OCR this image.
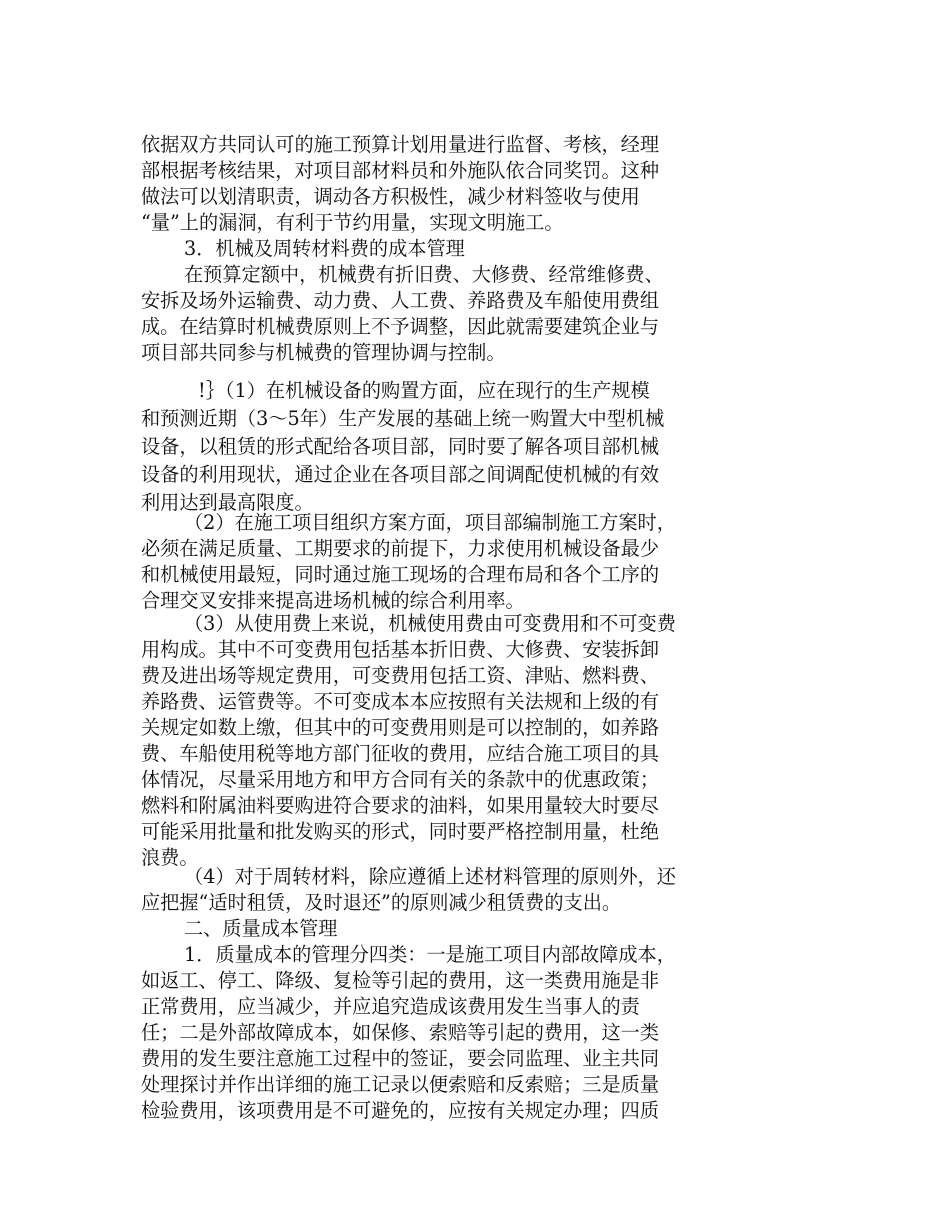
依据双方共同认可的施工预算计划用量进行监督、考核，经理
部根据考核结果，对项目部材料员和外施队依合同奖罚。这种
做法可以划清职责，调动各方积极性，减少材料签收与使用
“量”上的漏洞，有利于节约用量，实现文明施工。
3．机械及周转材料费的成本管理
在预算定额中，机械费有折旧费、大修费、经常维修费、
安拆及场外运输费、动力费、人工费、养路费及车船使用费组
成。在结算时机械费原则上不予调整，因此就需要建筑企业与
项目部共同参与机械费的管理协调与控制。
!｝（1）在机械设备的购置方面，应在现行的生产规模
和预测近期（3～5年）生产发展的基础上统一购置大中型机械
设备，以租赁的形式配给各项目部，同时要了解各项目部机械
设备的利用现状，通过企业在各项目部之间调配使机械的有效
利用达到最高限度。
（2）在施工项目组织方案方面，项目部编制施工方案时，
必须在满足质量、工期要求的前提下，力求使用机械设备最少
和机械使用最短，同时通过施工现场的合理布局和各个工序的
合理交叉安排来提高进场机械的综合利用率。
（3）从使用费上来说，机械使用费由可变费用和不可变费
用构成。其中不可变费用包括基本折旧费、大修费、安装拆卸
费及进出场等规定费用，可变费用包括工资、津贴、燃料费、
养路费、运管费等。不可变成本本应按照有关法规和上级的有
关规定如数上缴，但其中的可变费用则是可以控制的，如养路
费、车船使用税等地方部门征收的费用，应结合施工项目的具
体情况，尽量采用地方和甲方合同有关的条款中的优惠政策；
燃料和附属油料要购进符合要求的油料，如果用量较大时要尽
可能采用批量和批发购买的形式，同时要严格控制用量，杜绝
浪费。
（4）对于周转材料，除应遵循上述材料管理的原则外，还
应把握“适时租赁，及时退还”的原则减少租赁费的支出。
二、质量成本管理
1．质量成本的管理分四类：一是施工项目内部故障成本，
如返工、停工、降级、复检等引起的费用，这一类费用施是非
正常费用，应当减少，并应追究造成该费用发生当事人的责
任；二是外部故障成本，如保修、索赔等引起的费用，这一类
费用的发生要注意施工过程中的签证，要会同监理、业主共同
处理探讨并作出详细的施工记录以便索赔和反索赔；三是质量
检验费用，该项费用是不可避免的，应按有关规定办理；四质
